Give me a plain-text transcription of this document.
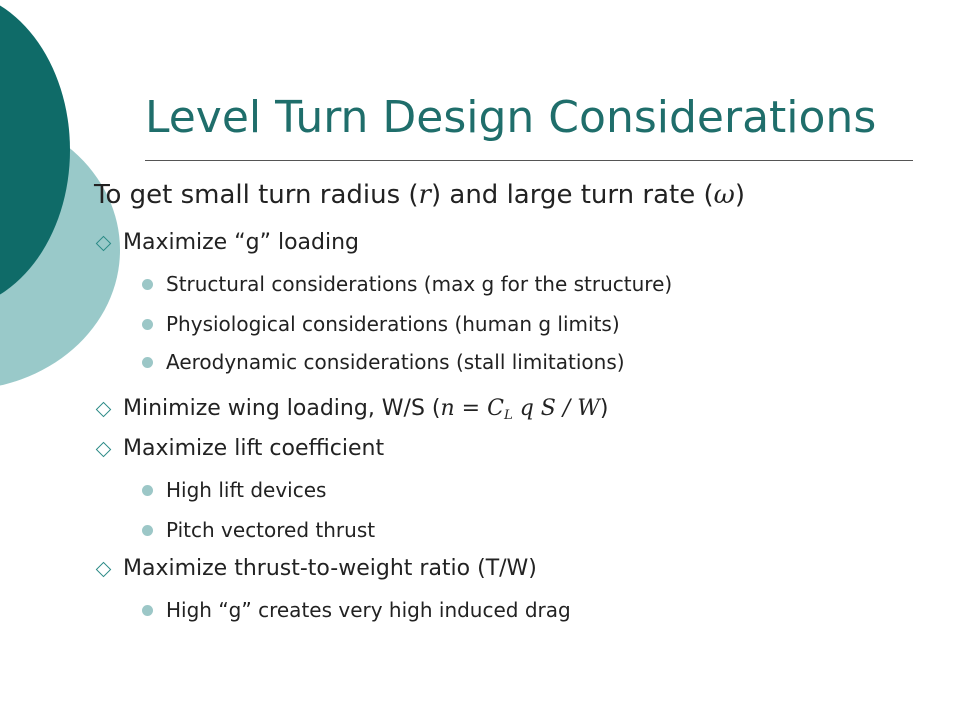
Level Turn Design Considerations
To get small turn radius (r) and large turn rate (ω)
Maximize “g” loading
Structural considerations (max g for the structure)
Physiological considerations (human g limits)
Aerodynamic considerations (stall limitations)
Minimize wing loading, W/S ($n = C_L$ q S / W)
Maximize lift coefficient
High lift devices
Pitch vectored thrust
Maximize thrust-to-weight ratio (T/W)
High “g” creates very high induced drag
